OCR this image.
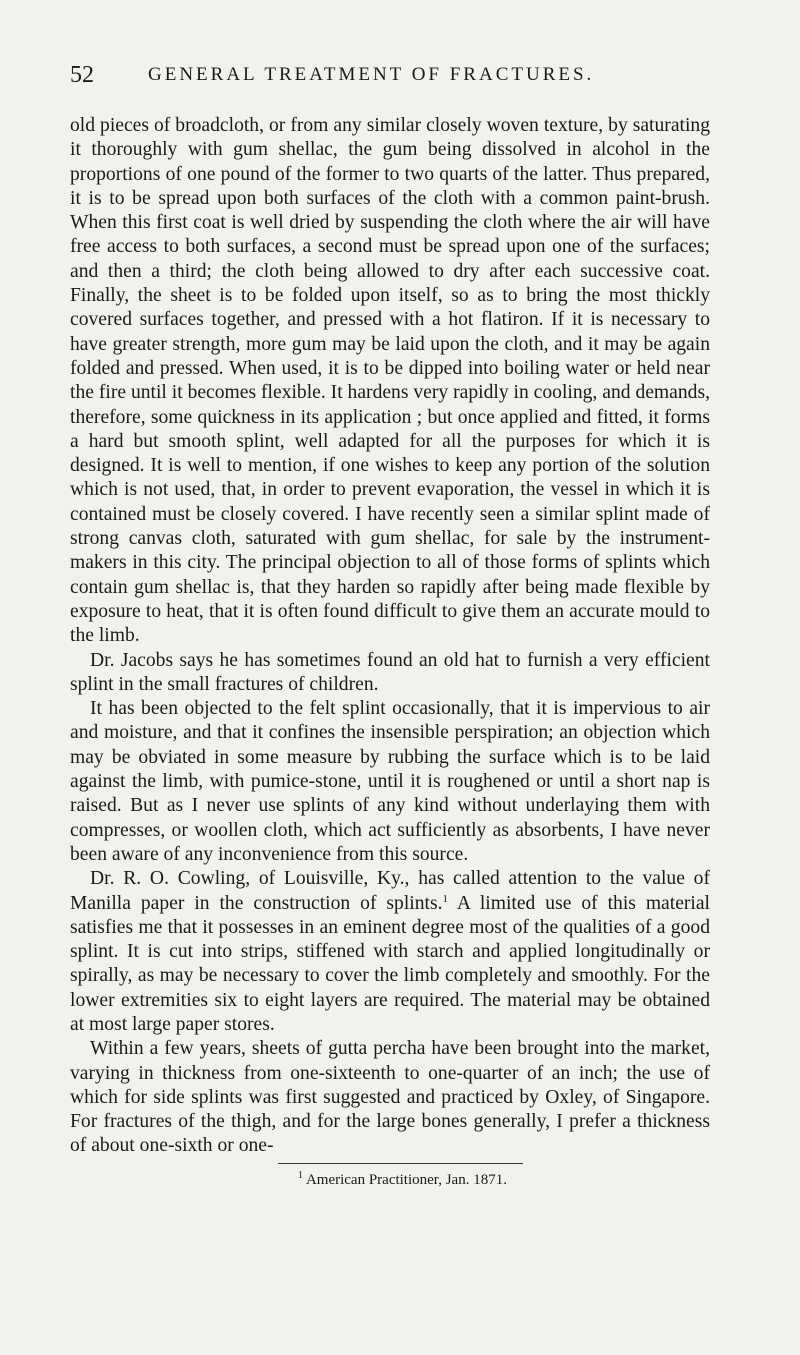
52	GENERAL TREATMENT OF FRACTURES.

old pieces of broadcloth, or from any similar closely woven texture, by saturating it thoroughly with gum shellac, the gum being dissolved in alcohol in the proportions of one pound of the former to two quarts of the latter. Thus prepared, it is to be spread upon both surfaces of the cloth with a common paint-brush. When this first coat is well dried by suspending the cloth where the air will have free access to both surfaces, a second must be spread upon one of the surfaces; and then a third; the cloth being allowed to dry after each successive coat. Finally, the sheet is to be folded upon itself, so as to bring the most thickly covered surfaces together, and pressed with a hot flatiron. If it is necessary to have greater strength, more gum may be laid upon the cloth, and it may be again folded and pressed. When used, it is to be dipped into boiling water or held near the fire until it becomes flexible. It hardens very rapidly in cooling, and demands, therefore, some quickness in its application ; but once applied and fitted, it forms a hard but smooth splint, well adapted for all the purposes for which it is designed. It is well to mention, if one wishes to keep any portion of the solution which is not used, that, in order to prevent evaporation, the vessel in which it is contained must be closely covered. I have recently seen a similar splint made of strong canvas cloth, saturated with gum shellac, for sale by the instrument-makers in this city. The principal objection to all of those forms of splints which contain gum shellac is, that they harden so rapidly after being made flexible by exposure to heat, that it is often found difficult to give them an accurate mould to the limb.

Dr. Jacobs says he has sometimes found an old hat to furnish a very efficient splint in the small fractures of children.

It has been objected to the felt splint occasionally, that it is impervious to air and moisture, and that it confines the insensible perspiration; an objection which may be obviated in some measure by rubbing the surface which is to be laid against the limb, with pumice-stone, until it is roughened or until a short nap is raised. But as I never use splints of any kind without underlaying them with compresses, or woollen cloth, which act sufficiently as absorbents, I have never been aware of any inconvenience from this source.

Dr. R. O. Cowling, of Louisville, Ky., has called attention to the value of Manilla paper in the construction of splints.$^1$ A limited use of this material satisfies me that it possesses in an eminent degree most of the qualities of a good splint. It is cut into strips, stiffened with starch and applied longitudinally or spirally, as may be necessary to cover the limb completely and smoothly. For the lower extremities six to eight layers are required. The material may be obtained at most large paper stores.

Within a few years, sheets of gutta percha have been brought into the market, varying in thickness from one-sixteenth to one-quarter of an inch; the use of which for side splints was first suggested and practiced by Oxley, of Singapore. For fractures of the thigh, and for the large bones generally, I prefer a thickness of about one-sixth or one-

$^1$ American Practitioner, Jan. 1871.
